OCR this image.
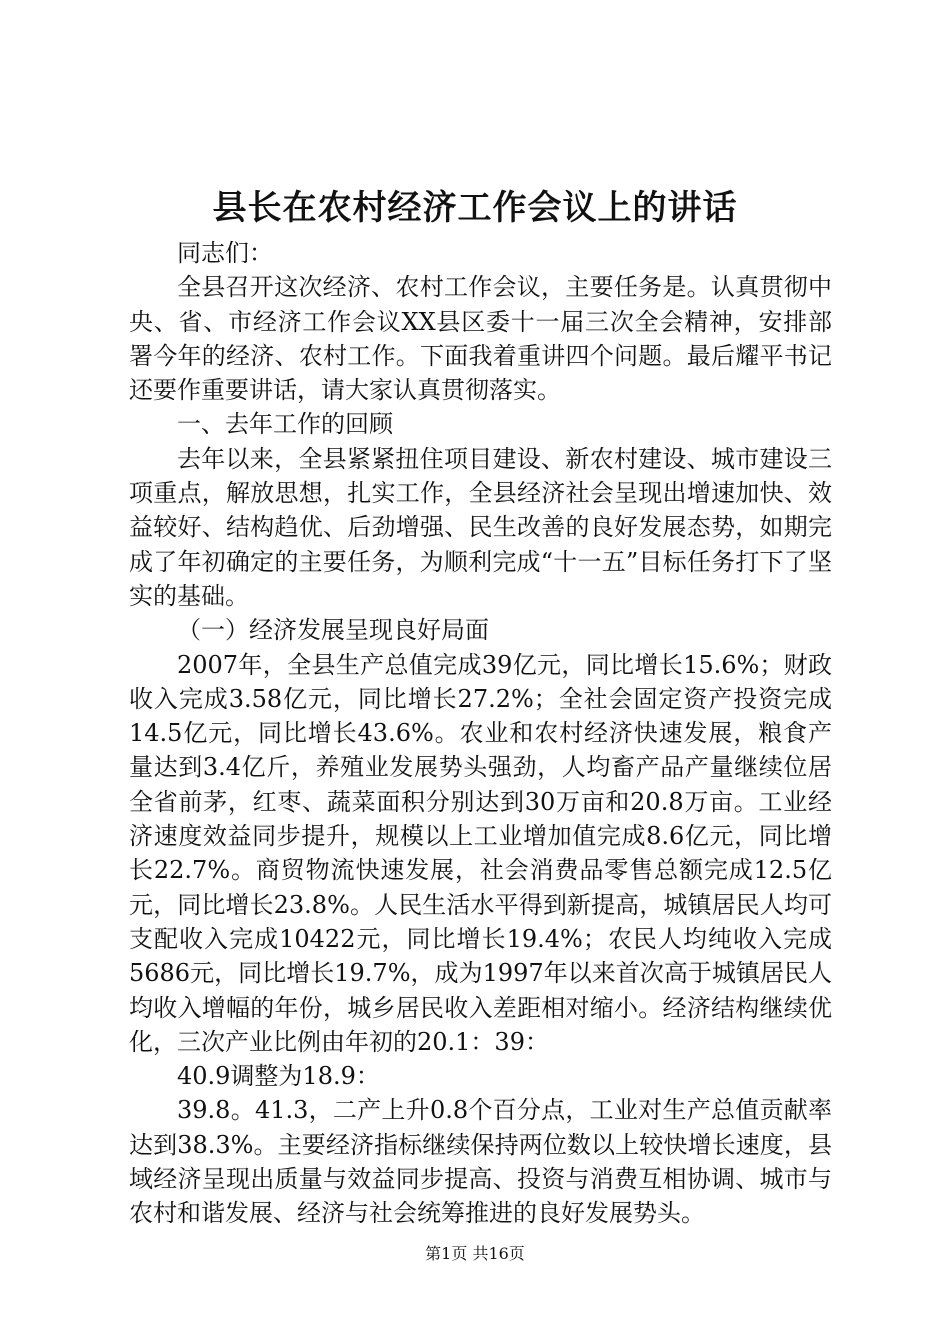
县长在农村经济工作会议上的讲话

同志们：

全县召开这次经济、农村工作会议，主要任务是。认真贯彻中央、省、市经济工作会议XX县区委十一届三次全会精神，安排部署今年的经济、农村工作。下面我着重讲四个问题。最后耀平书记还要作重要讲话，请大家认真贯彻落实。

一、去年工作的回顾

去年以来，全县紧紧扭住项目建设、新农村建设、城市建设三项重点，解放思想，扎实工作，全县经济社会呈现出增速加快、效益较好、结构趋优、后劲增强、民生改善的良好发展态势，如期完成了年初确定的主要任务，为顺利完成“十一五”目标任务打下了坚实的基础。

（一）经济发展呈现良好局面

2007年，全县生产总值完成39亿元，同比增长15.6%；财政收入完成3.58亿元，同比增长27.2%；全社会固定资产投资完成14.5亿元，同比增长43.6%。农业和农村经济快速发展，粮食产量达到3.4亿斤，养殖业发展势头强劲，人均畜产品产量继续位居全省前茅，红枣、蔬菜面积分别达到30万亩和20.8万亩。工业经济速度效益同步提升，规模以上工业增加值完成8.6亿元，同比增长22.7%。商贸物流快速发展，社会消费品零售总额完成12.5亿元，同比增长23.8%。人民生活水平得到新提高，城镇居民人均可支配收入完成10422元，同比增长19.4%；农民人均纯收入完成5686元，同比增长19.7%，成为1997年以来首次高于城镇居民人均收入增幅的年份，城乡居民收入差距相对缩小。经济结构继续优化，三次产业比例由年初的20.1：39：

40.9调整为18.9：

39.8。41.3，二产上升0.8个百分点，工业对生产总值贡献率达到38.3%。主要经济指标继续保持两位数以上较快增长速度，县域经济呈现出质量与效益同步提高、投资与消费互相协调、城市与农村和谐发展、经济与社会统筹推进的良好发展势头。

第1页 共16页
